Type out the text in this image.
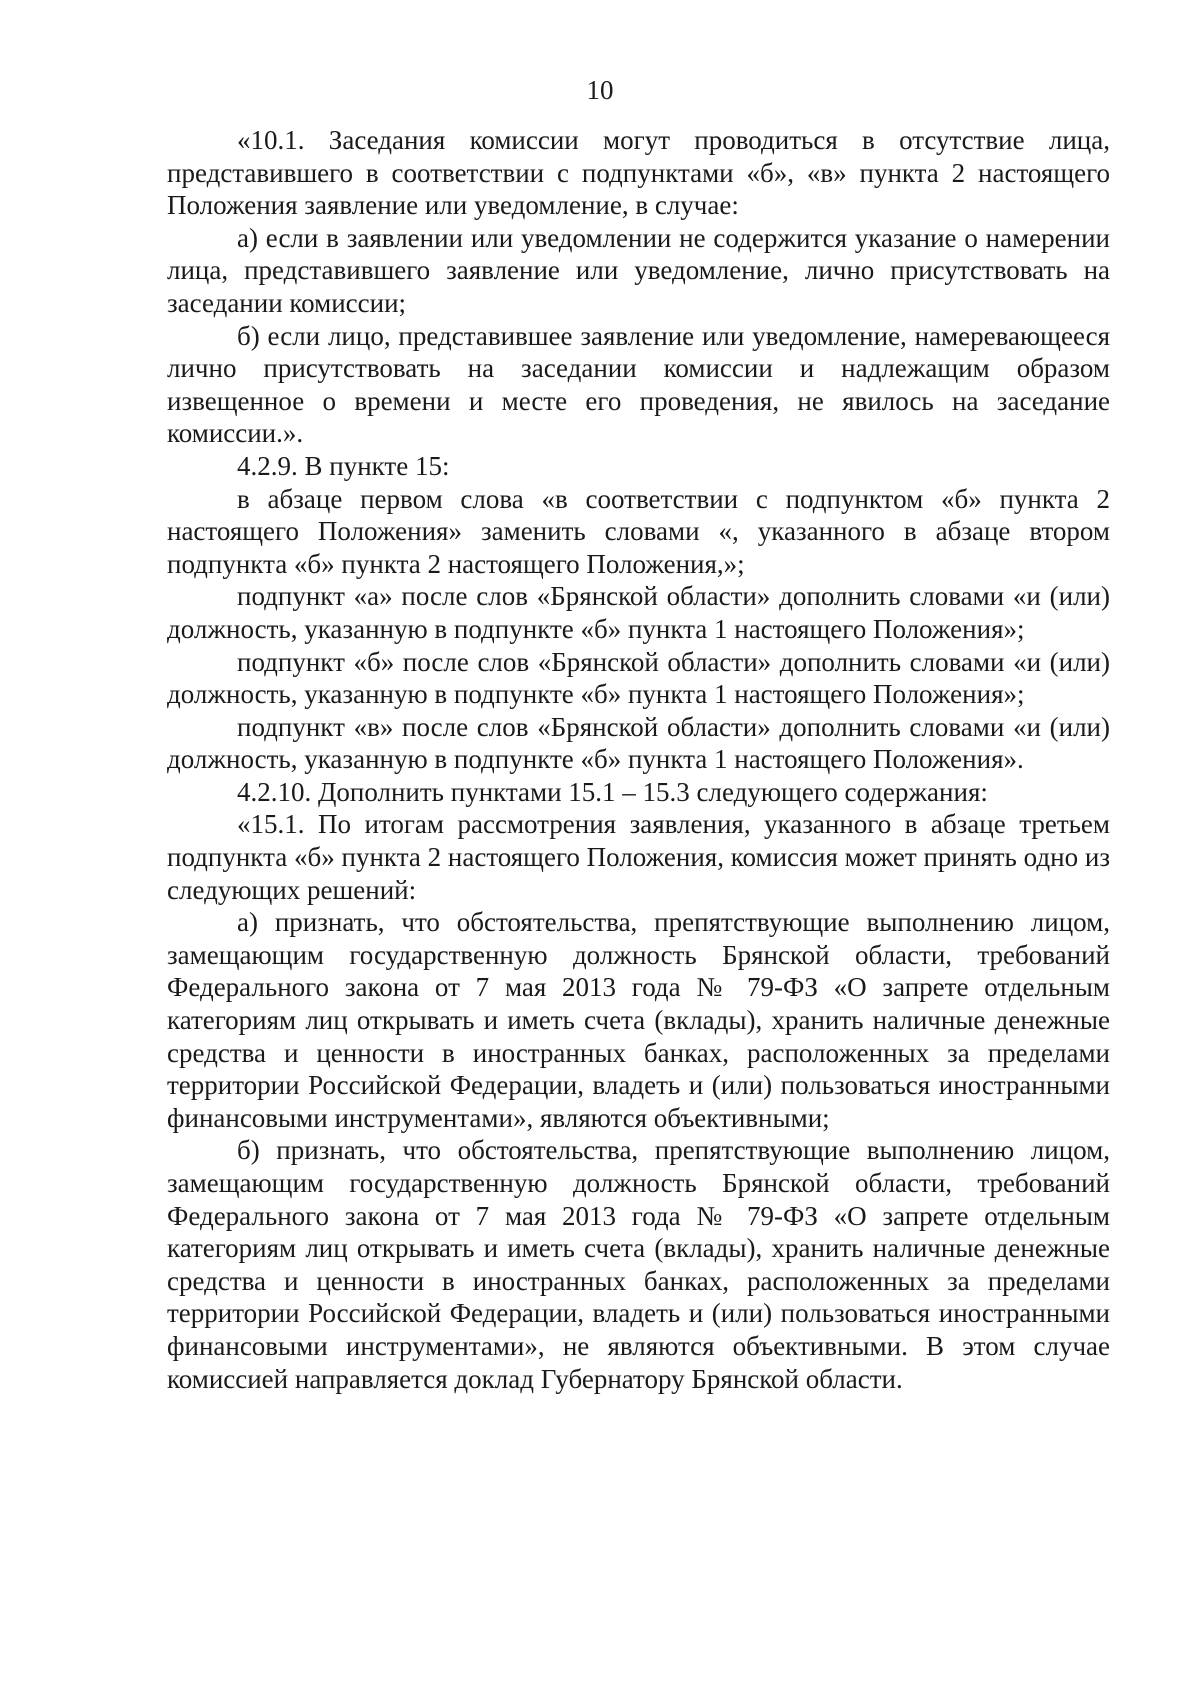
10

«10.1. Заседания комиссии могут проводиться в отсутствие лица, представившего в соответствии с подпунктами «б», «в» пункта 2 настоящего Положения заявление или уведомление, в случае:

а) если в заявлении или уведомлении не содержится указание о намерении лица, представившего заявление или уведомление, лично присутствовать на заседании комиссии;

б) если лицо, представившее заявление или уведомление, намеревающееся лично присутствовать на заседании комиссии и надлежащим образом извещенное о времени и месте его проведения, не явилось на заседание комиссии.».

4.2.9. В пункте 15:

в абзаце первом слова «в соответствии с подпунктом «б» пункта 2 настоящего Положения» заменить словами «, указанного в абзаце втором подпункта «б» пункта 2 настоящего Положения,»;

подпункт «а» после слов «Брянской области» дополнить словами «и (или) должность, указанную в подпункте «б» пункта 1 настоящего Положения»;

подпункт «б» после слов «Брянской области» дополнить словами «и (или) должность, указанную в подпункте «б» пункта 1 настоящего Положения»;

подпункт «в» после слов «Брянской области» дополнить словами «и (или) должность, указанную в подпункте «б» пункта 1 настоящего Положения».

4.2.10. Дополнить пунктами 15.1 – 15.3 следующего содержания:

«15.1. По итогам рассмотрения заявления, указанного в абзаце третьем подпункта «б» пункта 2 настоящего Положения, комиссия может принять одно из следующих решений:

а) признать, что обстоятельства, препятствующие выполнению лицом, замещающим государственную должность Брянской области, требований Федерального закона от 7 мая 2013 года № 79-ФЗ «О запрете отдельным категориям лиц открывать и иметь счета (вклады), хранить наличные денежные средства и ценности в иностранных банках, расположенных за пределами территории Российской Федерации, владеть и (или) пользоваться иностранными финансовыми инструментами», являются объективными;

б) признать, что обстоятельства, препятствующие выполнению лицом, замещающим государственную должность Брянской области, требований Федерального закона от 7 мая 2013 года № 79-ФЗ «О запрете отдельным категориям лиц открывать и иметь счета (вклады), хранить наличные денежные средства и ценности в иностранных банках, расположенных за пределами территории Российской Федерации, владеть и (или) пользоваться иностранными финансовыми инструментами», не являются объективными. В этом случае комиссией направляется доклад Губернатору Брянской области.
